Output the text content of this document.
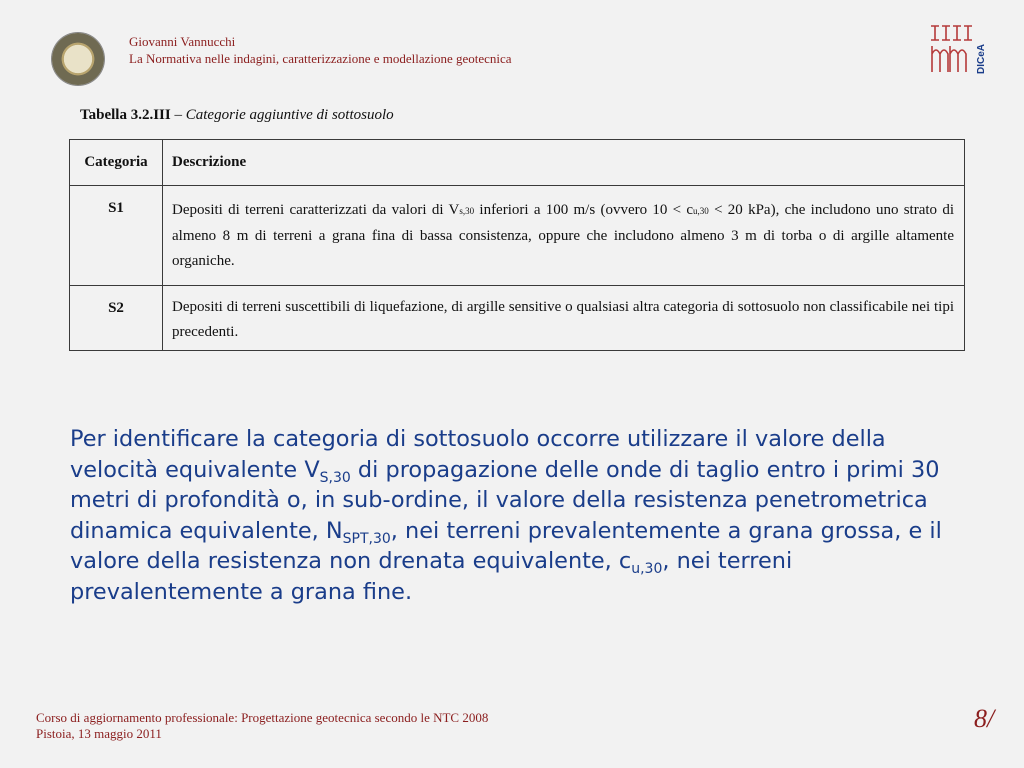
Giovanni Vannucchi
La Normativa nelle indagini, caratterizzazione e modellazione geotecnica	DICeA
Tabella 3.2.III – Categorie aggiuntive di sottosuolo
Categoria	Descrizione
S1	Depositi di terreni caratterizzati da valori di Vs,30 inferiori a 100 m/s (ovvero 10 < cu,30 < 20 kPa), che includono uno strato di almeno 8 m di terreni a grana fina di bassa consistenza, oppure che includono almeno 3 m di torba o di argille altamente organiche.
S2	Depositi di terreni suscettibili di liquefazione, di argille sensitive o qualsiasi altra categoria di sottosuolo non classificabile nei tipi precedenti.

Per identificare la categoria di sottosuolo occorre utilizzare il valore della velocità equivalente $V_{S,30}$ di propagazione delle onde di taglio entro i primi 30 metri di profondità o, in sub-ordine, il valore della resistenza penetrometrica dinamica equivalente, $N_{SPT,30}$, nei terreni prevalentemente a grana grossa, e il valore della resistenza non drenata equivalente, $c_{u,30}$, nei terreni prevalentemente a grana fine.

Corso di aggiornamento professionale: Progettazione geotecnica secondo le NTC 2008
Pistoia, 13 maggio 2011
8/
